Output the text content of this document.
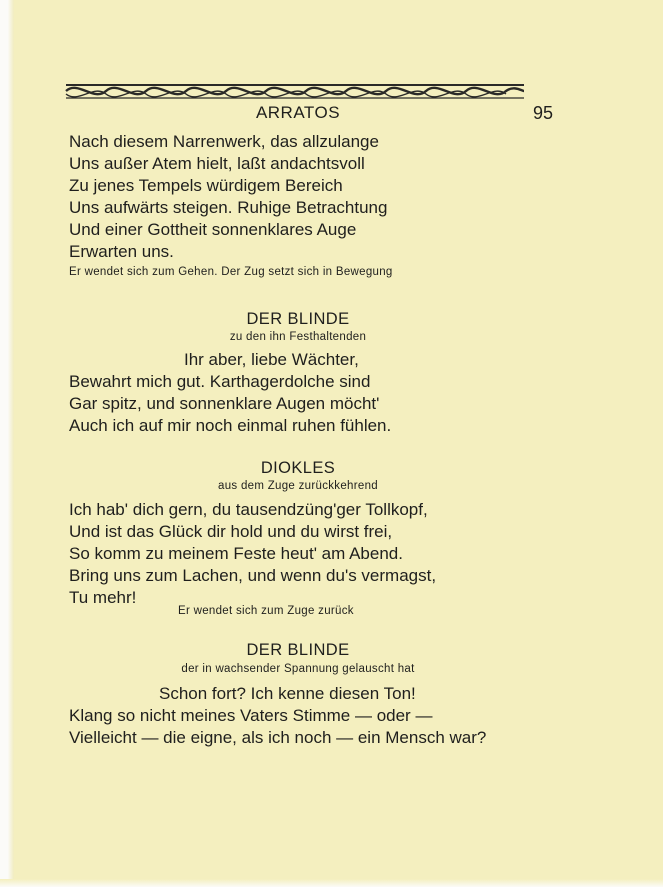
ARRATOS	95
Nach diesem Narrenwerk, das allzulange
Uns außer Atem hielt, laßt andachtsvoll
Zu jenes Tempels würdigem Bereich
Uns aufwärts steigen. Ruhige Betrachtung
Und einer Gottheit sonnenklares Auge
Erwarten uns.
Er wendet sich zum Gehen. Der Zug setzt sich in Bewegung
DER BLINDE
zu den ihn Festhaltenden
Ihr aber, liebe Wächter,
Bewahrt mich gut. Karthagerdolche sind
Gar spitz, und sonnenklare Augen möcht'
Auch ich auf mir noch einmal ruhen fühlen.
DIOKLES
aus dem Zuge zurückkehrend
Ich hab' dich gern, du tausendzüng'ger Tollkopf,
Und ist das Glück dir hold und du wirst frei,
So komm zu meinem Feste heut' am Abend.
Bring uns zum Lachen, und wenn du's vermagst,
Tu mehr!
Er wendet sich zum Zuge zurück
DER BLINDE
der in wachsender Spannung gelauscht hat
Schon fort? Ich kenne diesen Ton!
Klang so nicht meines Vaters Stimme — oder —
Vielleicht — die eigne, als ich noch — ein Mensch war?
